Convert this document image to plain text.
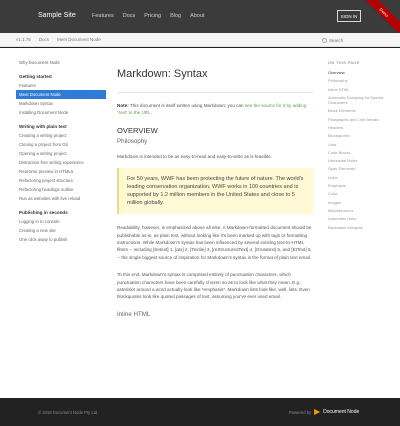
Sample Site	Features Docs Pricing Blog About	SIGN IN	Demo
v1.1.76 Docs Meet Document Node
Search
Why Document Node
Getting started
Features
Meet Document Node
Markdown Syntax
Installing Document Node
Writing with plain text
Creating a writing project
Cloning a project from Git
Opening a writing project
Distraction free writing experience
Real-time preview in HTML5
Refactoring project structure
Refactoring headings outline
Run as websites with live reload
Publishing in seconds
Logging in to console
Creating a new site
One click away to publish
Markdown: Syntax

Note: This document is itself written using Markdown; you can see the source for it by adding '.text' to the URL.

OVERVIEW
Philosophy

Markdown is intended to be as easy-to-read and easy-to-write as is feasible.

For 50 years, WWF has been protecting the future of nature. The world's leading conservation organization, WWF works in 100 countries and is supported by 1.2 million members in the United States and close to 5 million globally.

Readability, however, is emphasized above all else. A Markdown-formatted document should be publishable as-is, as plain text, without looking like it's been marked up with tags or formatting instructions. While Markdown's syntax has been influenced by several existing text-to-HTML filters -- including [Setext] 1, [atx] 2, [Textile] 3, [reStructuredText] 4, [Grutatext] 5, and [EtText] 6 -- the single biggest source of inspiration for Markdown's syntax is the format of plain text email.

To this end, Markdown's syntax is comprised entirely of punctuation characters, which punctuation characters have been carefully chosen so as to look like what they mean. E.g., asterisks around a word actually look like *emphasis*. Markdown lists look like, well, lists. Even blockquotes look like quoted passages of text, assuming you've ever used email.

Inline HTML
ON THIS PAGE
Overview
Philosophy
Inline HTML
Automatic Escaping for Special Characters
Block Elements
Paragraphs and Line Breaks
Headers
Blockquotes
Lists
Code Blocks
Horizontal Rules
Span Elements
Links
Emphasis
Code
Images
Miscellaneous
Automatic Links
Backslash Escapes
© 2018 Document Node Pty Ltd	Powered by Document Node
